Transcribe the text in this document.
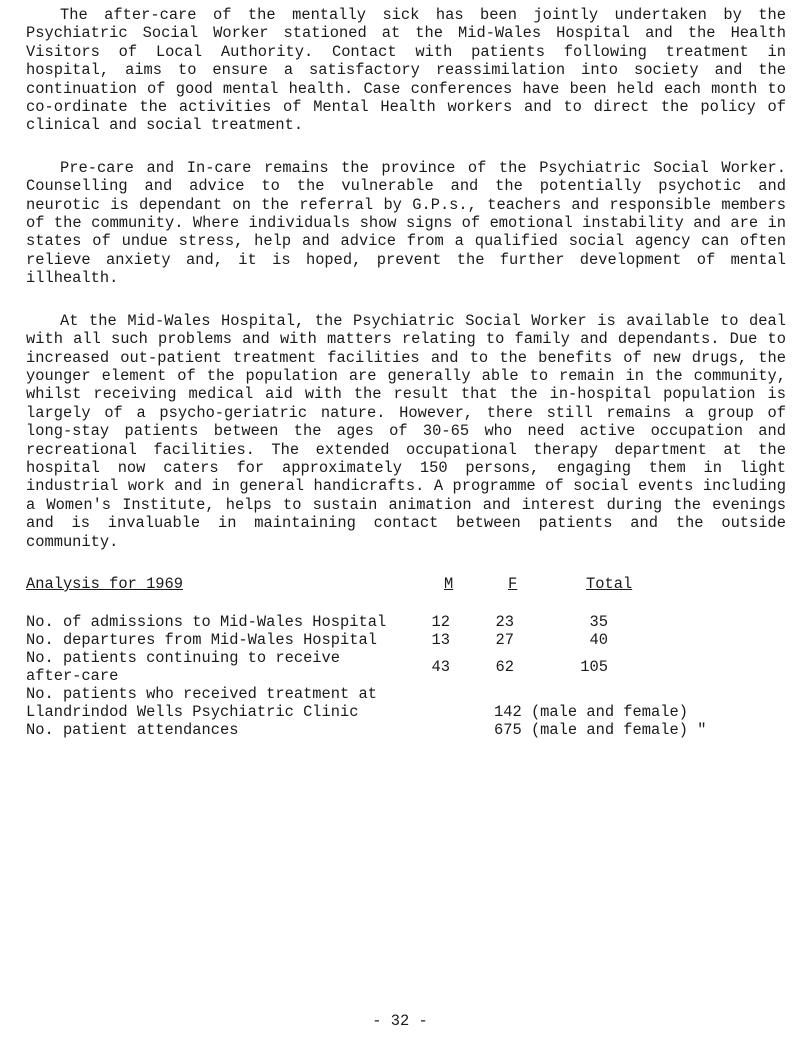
The after-care of the mentally sick has been jointly undertaken by the Psychiatric Social Worker stationed at the Mid-Wales Hospital and the Health Visitors of Local Authority. Contact with patients following treatment in hospital, aims to ensure a satisfactory reassimilation into society and the continuation of good mental health. Case conferences have been held each month to co-ordinate the activities of Mental Health workers and to direct the policy of clinical and social treatment.

Pre-care and In-care remains the province of the Psychiatric Social Worker. Counselling and advice to the vulnerable and the potentially psychotic and neurotic is dependant on the referral by G.P.s., teachers and responsible members of the community. Where individuals show signs of emotional instability and are in states of undue stress, help and advice from a qualified social agency can often relieve anxiety and, it is hoped, prevent the further development of mental illhealth.

At the Mid-Wales Hospital, the Psychiatric Social Worker is available to deal with all such problems and with matters relating to family and dependants. Due to increased out-patient treatment facilities and to the benefits of new drugs, the younger element of the population are generally able to remain in the community, whilst receiving medical aid with the result that the in-hospital population is largely of a psycho-geriatric nature. However, there still remains a group of long-stay patients between the ages of 30-65 who need active occupation and recreational facilities. The extended occupational therapy department at the hospital now caters for approximately 150 persons, engaging them in light industrial work and in general handicrafts. A programme of social events including a Women's Institute, helps to sustain animation and interest during the evenings and is invaluable in maintaining contact between patients and the outside community.

Analysis for 1969	M	F	Total
No. of admissions to Mid-Wales Hospital	12	23	35
No. departures from Mid-Wales Hospital	13	27	40
No. patients continuing to receive
after-care	43	62	105
No. patients who received treatment at
Llandrindod Wells Psychiatric Clinic	142 (male and female)
No. patient attendances	675 (male and female) "
- 32 -
